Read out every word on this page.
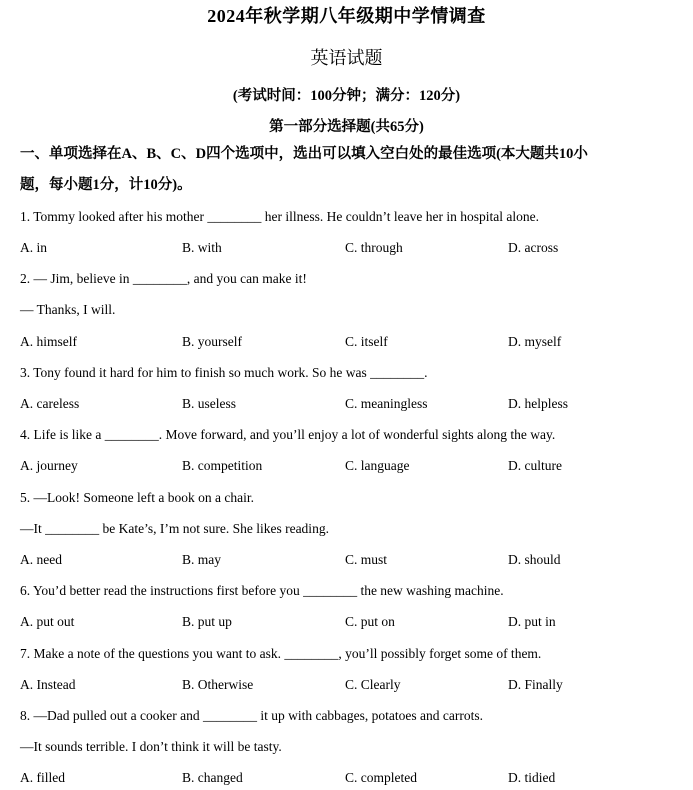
2024年秋学期八年级期中学情调查
英语试题
(考试时间：100分钟；满分：120分)
第一部分选择题(共65分)
一、单项选择在A、B、C、D四个选项中，选出可以填入空白处的最佳选项(本大题共10小
题，每小题1分，计10分)。
1. Tommy looked after his mother ________ her illness. He couldn’t leave her in hospital alone.
A. in	B. with	C. through	D. across
2. — Jim, believe in ________, and you can make it!
— Thanks, I will.
A. himself	B. yourself	C. itself	D. myself
3. Tony found it hard for him to finish so much work. So he was ________.
A. careless	B. useless	C. meaningless	D. helpless
4. Life is like a ________. Move forward, and you’ll enjoy a lot of wonderful sights along the way.
A. journey	B. competition	C. language	D. culture
5. —Look! Someone left a book on a chair.
—It ________ be Kate’s, I’m not sure. She likes reading.
A. need	B. may	C. must	D. should
6. You’d better read the instructions first before you ________ the new washing machine.
A. put out	B. put up	C. put on	D. put in
7. Make a note of the questions you want to ask. ________, you’ll possibly forget some of them.
A. Instead	B. Otherwise	C. Clearly	D. Finally
8. —Dad pulled out a cooker and ________ it up with cabbages, potatoes and carrots.
—It sounds terrible. I don’t think it will be tasty.
A. filled	B. changed	C. completed	D. tidied
